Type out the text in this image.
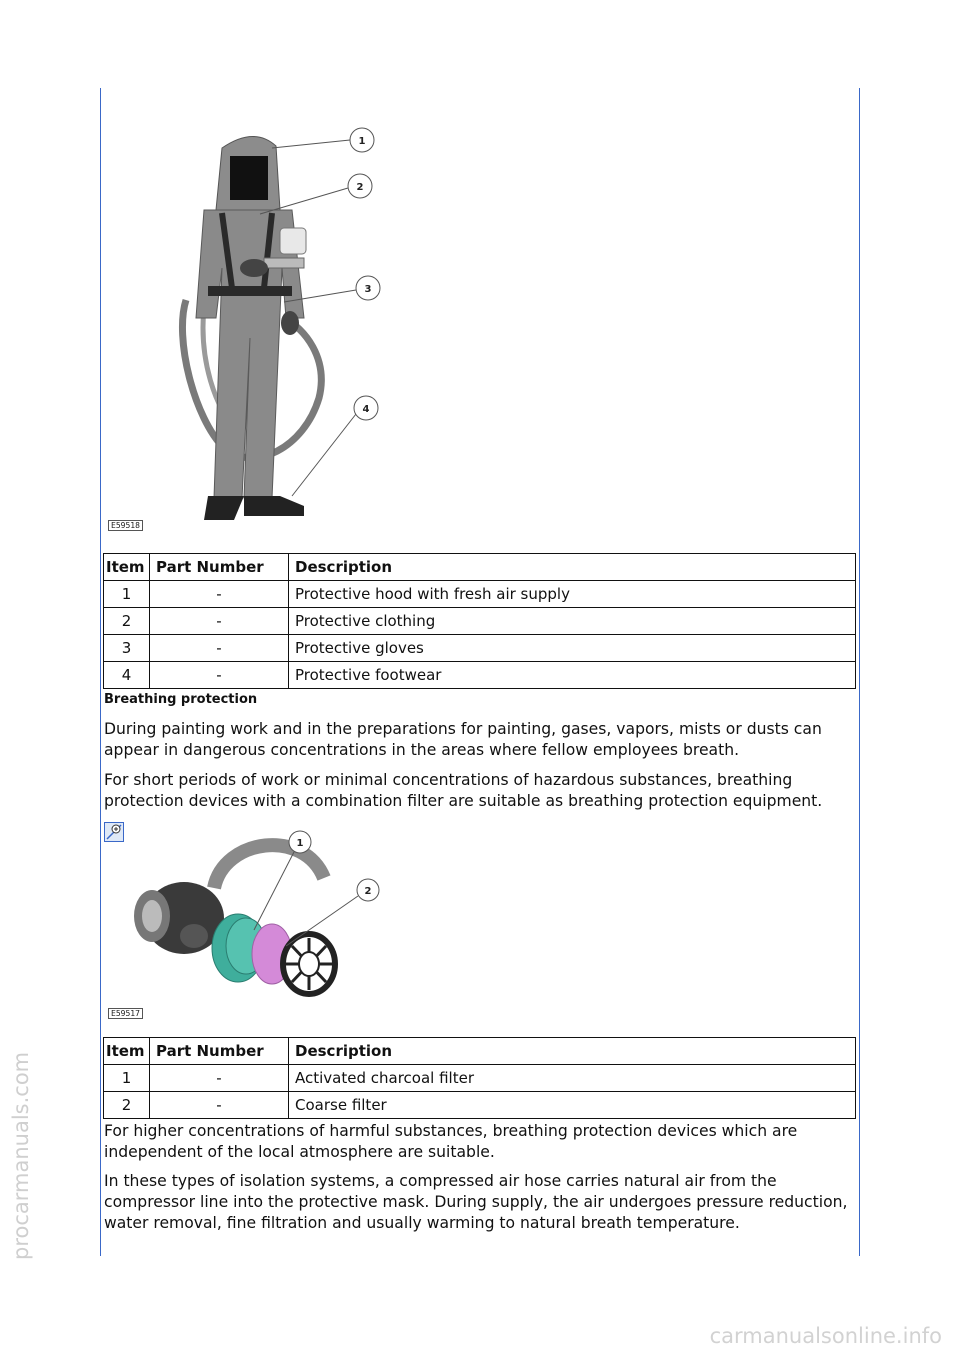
procarmanuals.com
carmanualsonline.info
1
2
3
4
E59518
Item	Part Number	Description
1	-	Protective hood with fresh air supply
2	-	Protective clothing
3	-	Protective gloves
4	-	Protective footwear
Breathing protection

During painting work and in the preparations for painting, gases, vapors, mists or dusts can appear in dangerous concentrations in the areas where fellow employees breath.

For short periods of work or minimal concentrations of hazardous substances, breathing protection devices with a combination filter are suitable as breathing protection equipment.

1
2
E59517
Item	Part Number	Description
1	-	Activated charcoal filter
2	-	Coarse filter

For higher concentrations of harmful substances, breathing protection devices which are independent of the local atmosphere are suitable.

In these types of isolation systems, a compressed air hose carries natural air from the compressor line into the protective mask. During supply, the air undergoes pressure reduction, water removal, fine filtration and usually warming to natural breath temperature.
